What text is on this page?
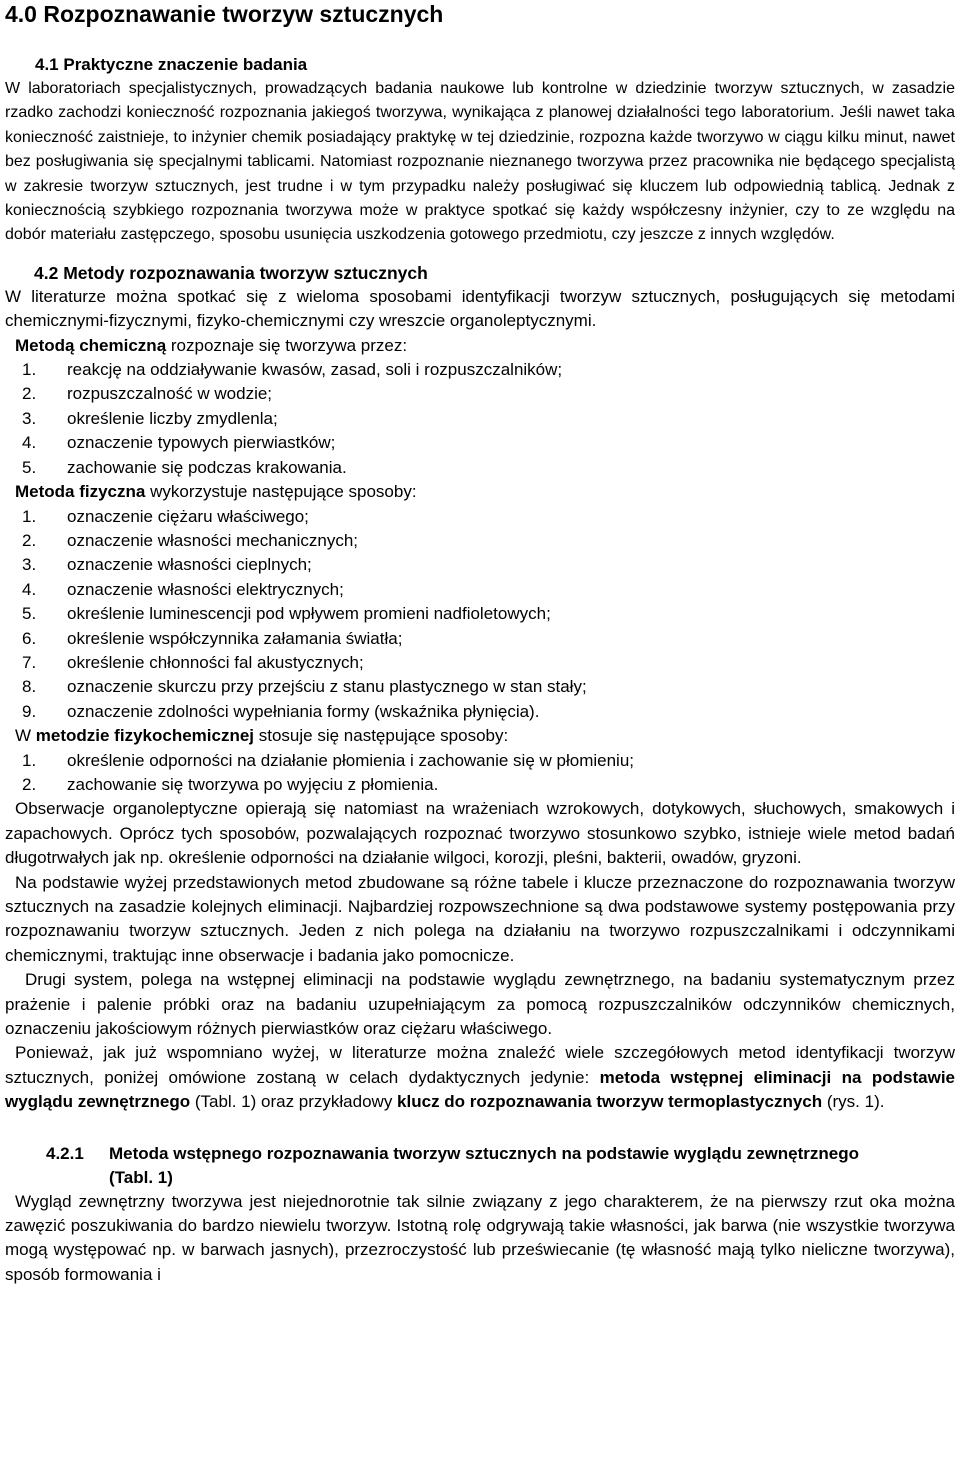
4.0 Rozpoznawanie tworzyw sztucznych
4.1 Praktyczne znaczenie badania

W laboratoriach specjalistycznych, prowadzących badania naukowe lub kontrolne w dziedzinie tworzyw sztucznych, w zasadzie rzadko zachodzi konieczność rozpoznania jakiegoś tworzywa, wynikająca z planowej działalności tego laboratorium. Jeśli nawet taka konieczność zaistnieje, to inżynier chemik posiadający praktykę w tej dziedzinie, rozpozna każde tworzywo w ciągu kilku minut, nawet bez posługiwania się specjalnymi tablicami. Natomiast rozpoznanie nieznanego tworzywa przez pracownika nie będącego specjalistą w zakresie tworzyw sztucznych, jest trudne i w tym przypadku należy posługiwać się kluczem lub odpowiednią tablicą. Jednak z koniecznością szybkiego rozpoznania tworzywa może w praktyce spotkać się każdy współczesny inżynier, czy to ze względu na dobór materiału zastępczego, sposobu usunięcia uszkodzenia gotowego przedmiotu, czy jeszcze z innych względów.

4.2 Metody rozpoznawania tworzyw sztucznych

W literaturze można spotkać się z wieloma sposobami identyfikacji tworzyw sztucznych, posługujących się metodami chemicznymi-fizycznymi, fizyko-chemicznymi czy wreszcie organoleptycznymi.

Metodą chemiczną rozpoznaje się tworzywa przez:

1.	reakcję na oddziaływanie kwasów, zasad, soli i rozpuszczalników;
2.	rozpuszczalność w wodzie;
3.	określenie liczby zmydlenla;
4.	oznaczenie typowych pierwiastków;
5.	zachowanie się podczas krakowania.

Metoda fizyczna wykorzystuje następujące sposoby:

1.	oznaczenie ciężaru właściwego;
2.	oznaczenie własności mechanicznych;
3.	oznaczenie własności cieplnych;
4.	oznaczenie własności elektrycznych;
5.	określenie luminescencji pod wpływem promieni nadfioletowych;
6.	określenie współczynnika załamania światła;
7.	określenie chłonności fal akustycznych;
8.	oznaczenie skurczu przy przejściu z stanu plastycznego w stan stały;
9.	oznaczenie zdolności wypełniania formy (wskaźnika płynięcia).

W metodzie fizykochemicznej stosuje się następujące sposoby:

1.	określenie odporności na działanie płomienia i zachowanie się w płomieniu;
2.	zachowanie się tworzywa po wyjęciu z płomienia.

Obserwacje organoleptyczne opierają się natomiast na wrażeniach wzrokowych, dotykowych, słuchowych, smakowych i zapachowych. Oprócz tych sposobów, pozwalających rozpoznać tworzywo stosunkowo szybko, istnieje wiele metod badań długotrwałych jak np. określenie odporności na działanie wilgoci, korozji, pleśni, bakterii, owadów, gryzoni.

Na podstawie wyżej przedstawionych metod zbudowane są różne tabele i klucze przeznaczone do rozpoznawania tworzyw sztucznych na zasadzie kolejnych eliminacji. Najbardziej rozpowszechnione są dwa podstawowe systemy postępowania przy rozpoznawaniu tworzyw sztucznych. Jeden z nich polega na działaniu na tworzywo rozpuszczalnikami i odczynnikami chemicznymi, traktując inne obserwacje i badania jako pomocnicze.

Drugi system, polega na wstępnej eliminacji na podstawie wyglądu zewnętrznego, na badaniu systematycznym przez prażenie i palenie próbki oraz na badaniu uzupełniającym za pomocą rozpuszczalników odczynników chemicznych, oznaczeniu jakościowym różnych pierwiastków oraz ciężaru właściwego.

Ponieważ, jak już wspomniano wyżej, w literaturze można znaleźć wiele szczegółowych metod identyfikacji tworzyw sztucznych, poniżej omówione zostaną w celach dydaktycznych jedynie: metoda wstępnej eliminacji na podstawie wyglądu zewnętrznego (Tabl. 1) oraz przykładowy klucz do rozpoznawania tworzyw termoplastycznych (rys. 1).

4.2.1	Metoda wstępnego rozpoznawania tworzyw sztucznych na podstawie wyglądu zewnętrznego (Tabl. 1)

Wygląd zewnętrzny tworzywa jest niejednorotnie tak silnie związany z jego charakterem, że na pierwszy rzut oka można zawęzić poszukiwania do bardzo niewielu tworzyw. Istotną rolę odgrywają takie własności, jak barwa (nie wszystkie tworzywa mogą występować np. w barwach jasnych), przezroczystość lub przeświecanie (tę własność mają tylko nieliczne tworzywa), sposób formowania i
